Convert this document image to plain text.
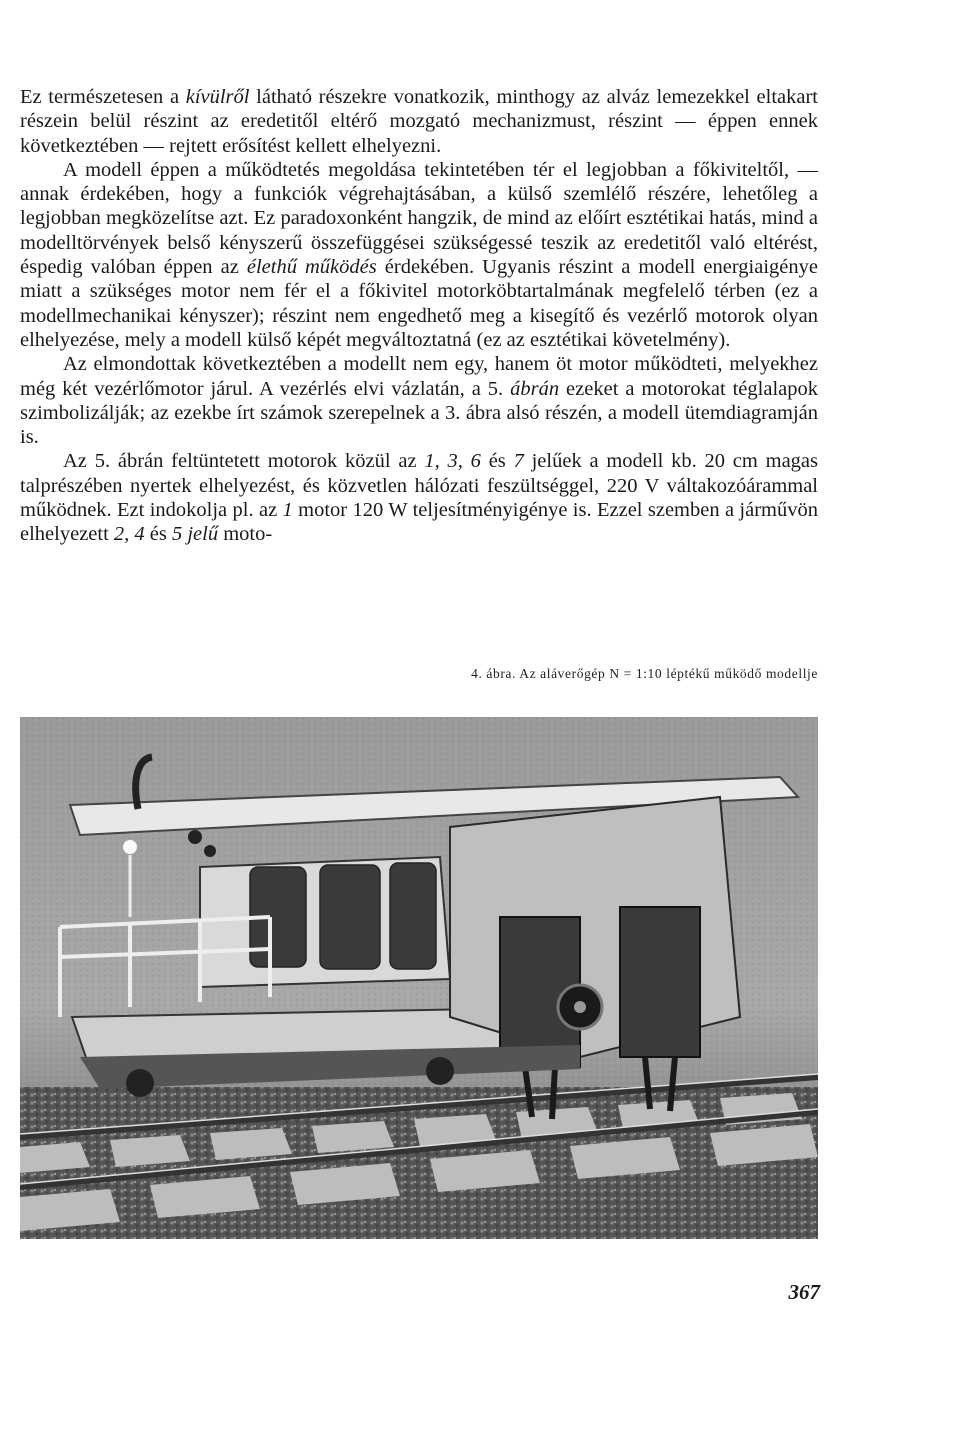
Ez természetesen a kívülről látható részekre vonatkozik, minthogy az alváz lemezekkel eltakart részein belül részint az eredetitől eltérő mozgató mechanizmust, részint — éppen ennek következtében — rejtett erősítést kellett elhelyezni.

A modell éppen a működtetés megoldása tekintetében tér el legjobban a főkiviteltől, — annak érdekében, hogy a funkciók végrehajtásában, a külső szemlélő részére, lehetőleg a legjobban megközelítse azt. Ez paradoxonként hangzik, de mind az előírt esztétikai hatás, mind a modelltörvények belső kényszerű összefüggései szükségessé teszik az eredetitől való eltérést, éspedig valóban éppen az élethű működés érdekében. Ugyanis részint a modell energiaigénye miatt a szükséges motor nem fér el a főkivitel motorköbtartalmának megfelelő térben (ez a modellmechanikai kényszer); részint nem engedhető meg a kisegítő és vezérlő motorok olyan elhelyezése, mely a modell külső képét megváltoztatná (ez az esztétikai követelmény).

Az elmondottak következtében a modellt nem egy, hanem öt motor működteti, melyekhez még két vezérlőmotor járul. A vezérlés elvi vázlatán, a 5. ábrán ezeket a motorokat téglalapok szimbolizálják; az ezekbe írt számok szerepelnek a 3. ábra alsó részén, a modell ütemdiagramján is.

Az 5. ábrán feltüntetett motorok közül az 1, 3, 6 és 7 jelűek a modell kb. 20 cm magas talprészében nyertek elhelyezést, és közvetlen hálózati feszültséggel, 220 V váltakozóárammal működnek. Ezt indokolja pl. az 1 motor 120 W teljesítményigénye is. Ezzel szemben a járművön elhelyezett 2, 4 és 5 jelű moto-

4. ábra. Az aláverőgép N = 1:10 léptékű működő modellje
367
